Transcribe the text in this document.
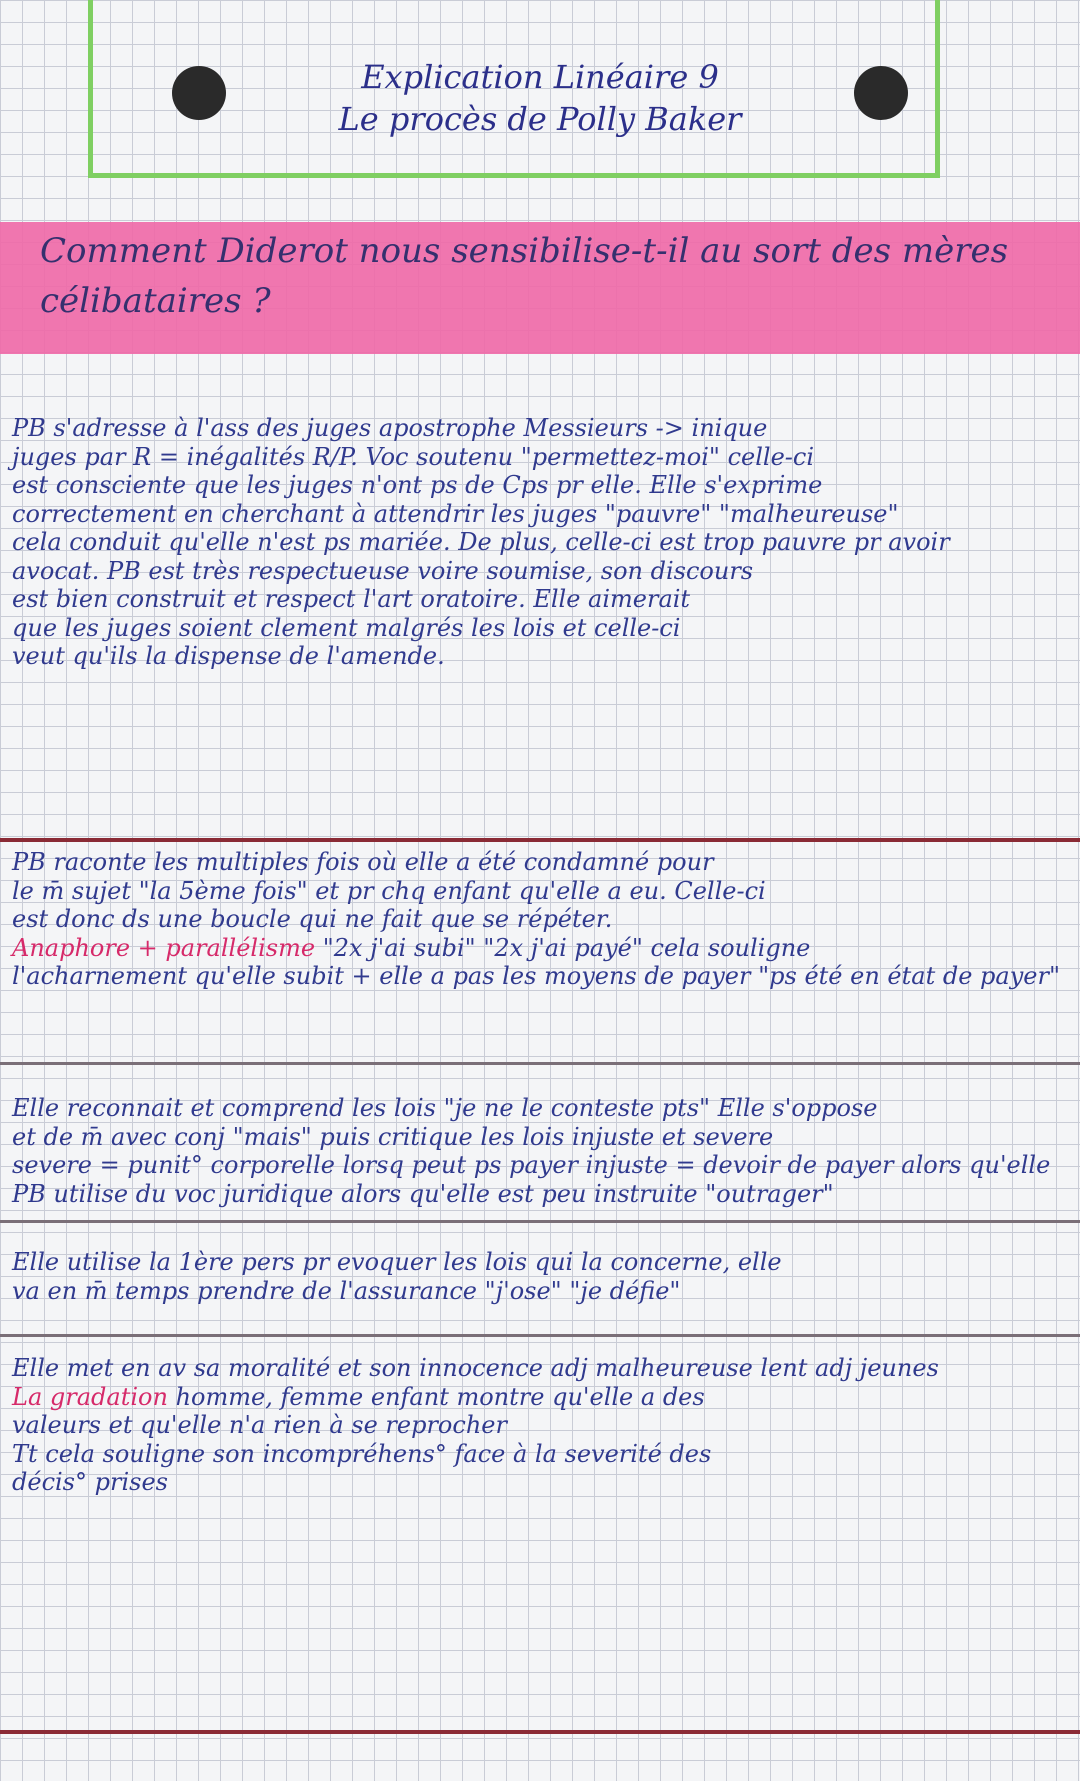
Explication Linéaire 9
Le procès de Polly Baker
Comment Diderot nous sensibilise-t-il au sort des mères célibataires ?
PB s'adresse à l'ass des juges apostrophe Messieurs -> inique
juges par R = inégalités R/P. Voc soutenu "permettez-moi" celle-ci
est consciente que les juges n'ont ps de Cps pr elle. Elle s'exprime
correctement en cherchant à attendrir les juges "pauvre" "malheureuse"
cela conduit qu'elle n'est ps mariée. De plus, celle-ci est trop pauvre pr avoir
avocat. PB est très respectueuse voire soumise, son discours
est bien construit et respect l'art oratoire. Elle aimerait
que les juges soient clement malgrés les lois et celle-ci
veut qu'ils la dispense de l'amende.
PB raconte les multiples fois où elle a été condamné pour
le m̄ sujet "la 5ème fois" et pr chq enfant qu'elle a eu. Celle-ci
est donc ds une boucle qui ne fait que se répéter.
Anaphore + parallélisme "2x j'ai subi" "2x j'ai payé" cela souligne
l'acharnement qu'elle subit + elle a pas les moyens de payer "ps été en état de payer"
Elle reconnait et comprend les lois "je ne le conteste pts" Elle s'oppose
et de m̄ avec conj "mais" puis critique les lois injuste et severe
severe = punit° corporelle lorsq peut ps payer injuste = devoir de payer alors qu'elle
PB utilise du voc juridique alors qu'elle est peu instruite "outrager"
Elle utilise la 1ère pers pr evoquer les lois qui la concerne, elle
va en m̄ temps prendre de l'assurance "j'ose" "je défie"
Elle met en av sa moralité et son innocence adj malheureuse lent adj jeunes
La gradation homme, femme enfant montre qu'elle a des
valeurs et qu'elle n'a rien à se reprocher
Tt cela souligne son incompréhens° face à la severité des
décis° prises
